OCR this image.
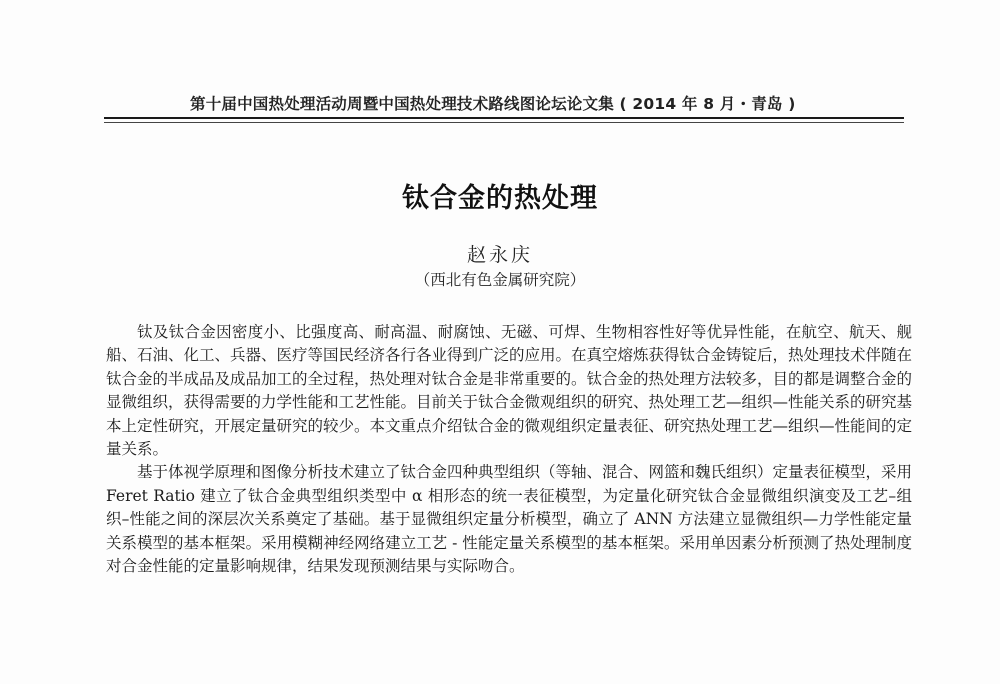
第十届中国热处理活动周暨中国热处理技术路线图论坛论文集 ( 2014 年 8 月・青岛 )
钛合金的热处理
赵永庆
（西北有色金属研究院）

钛及钛合金因密度小、比强度高、耐高温、耐腐蚀、无磁、可焊、生物相容性好等优异性能，在航空、航天、舰船、石油、化工、兵器、医疗等国民经济各行各业得到广泛的应用。在真空熔炼获得钛合金铸锭后，热处理技术伴随在钛合金的半成品及成品加工的全过程，热处理对钛合金是非常重要的。钛合金的热处理方法较多，目的都是调整合金的显微组织，获得需要的力学性能和工艺性能。目前关于钛合金微观组织的研究、热处理工艺—组织—性能关系的研究基本上定性研究，开展定量研究的较少。本文重点介绍钛合金的微观组织定量表征、研究热处理工艺—组织—性能间的定量关系。

基于体视学原理和图像分析技术建立了钛合金四种典型组织（等轴、混合、网篮和魏氏组织）定量表征模型，采用 Feret Ratio 建立了钛合金典型组织类型中 α 相形态的统一表征模型，为定量化研究钛合金显微组织演变及工艺–组织–性能之间的深层次关系奠定了基础。基于显微组织定量分析模型，确立了 ANN 方法建立显微组织—力学性能定量关系模型的基本框架。采用模糊神经网络建立工艺 - 性能定量关系模型的基本框架。采用单因素分析预测了热处理制度对合金性能的定量影响规律，结果发现预测结果与实际吻合。
